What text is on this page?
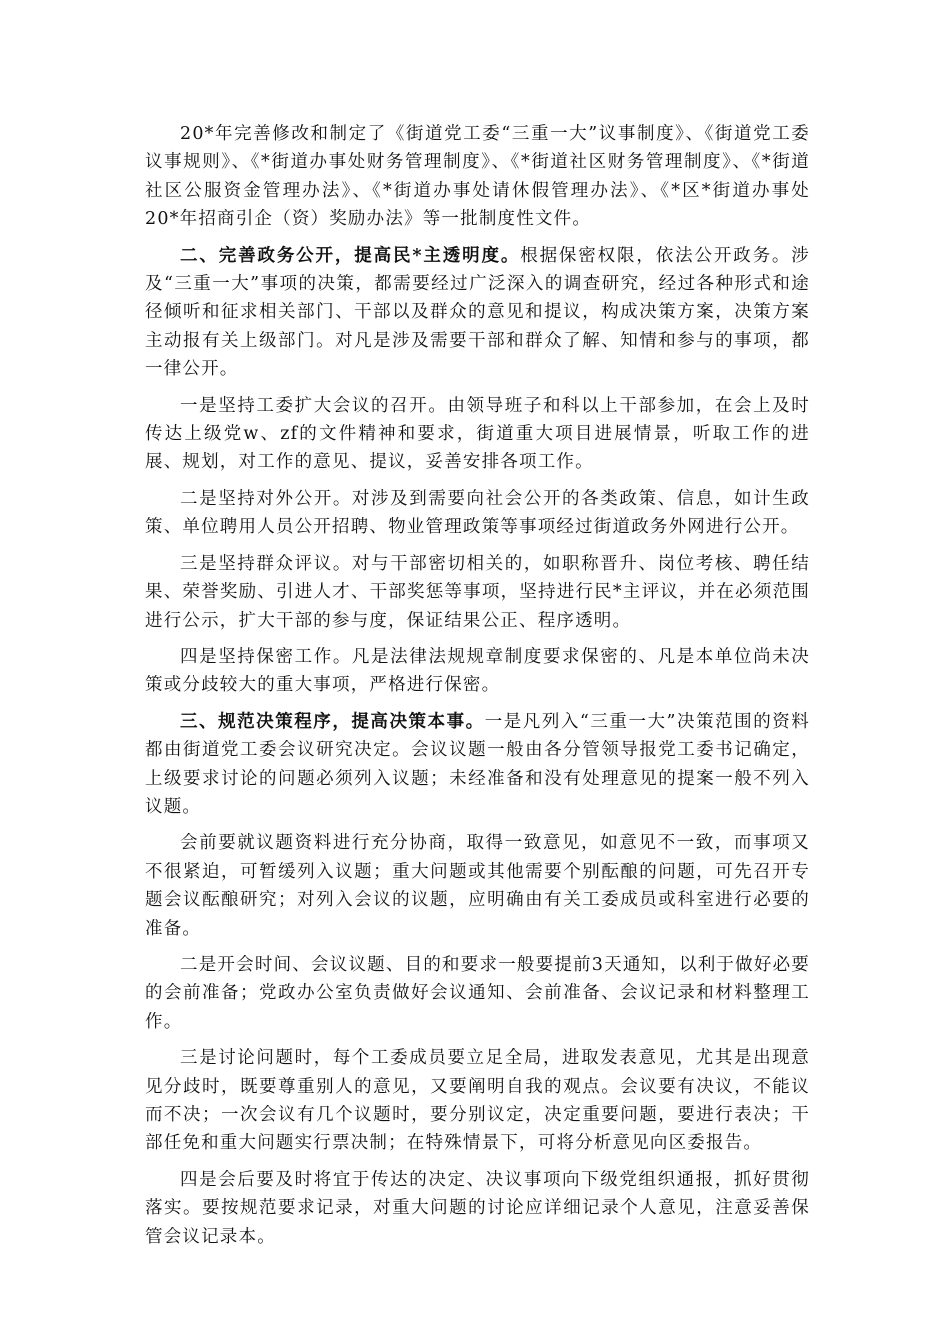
20*年完善修改和制定了《街道党工委“三重一大”议事制度》、《街道党工委议事规则》、《*街道办事处财务管理制度》、《*街道社区财务管理制度》、《*街道社区公服资金管理办法》、《*街道办事处请休假管理办法》、《*区*街道办事处20*年招商引企（资）奖励办法》等一批制度性文件。

二、完善政务公开，提高民*主透明度。根据保密权限，依法公开政务。涉及“三重一大”事项的决策，都需要经过广泛深入的调查研究，经过各种形式和途径倾听和征求相关部门、干部以及群众的意见和提议，构成决策方案，决策方案主动报有关上级部门。对凡是涉及需要干部和群众了解、知情和参与的事项，都一律公开。

一是坚持工委扩大会议的召开。由领导班子和科以上干部参加，在会上及时传达上级党w、zf的文件精神和要求，街道重大项目进展情景，听取工作的进展、规划，对工作的意见、提议，妥善安排各项工作。

二是坚持对外公开。对涉及到需要向社会公开的各类政策、信息，如计生政策、单位聘用人员公开招聘、物业管理政策等事项经过街道政务外网进行公开。

三是坚持群众评议。对与干部密切相关的，如职称晋升、岗位考核、聘任结果、荣誉奖励、引进人才、干部奖惩等事项，坚持进行民*主评议，并在必须范围进行公示，扩大干部的参与度，保证结果公正、程序透明。

四是坚持保密工作。凡是法律法规规章制度要求保密的、凡是本单位尚未决策或分歧较大的重大事项，严格进行保密。

三、规范决策程序，提高决策本事。一是凡列入“三重一大”决策范围的资料都由街道党工委会议研究决定。会议议题一般由各分管领导报党工委书记确定，上级要求讨论的问题必须列入议题；未经准备和没有处理意见的提案一般不列入议题。

会前要就议题资料进行充分协商，取得一致意见，如意见不一致，而事项又不很紧迫，可暂缓列入议题；重大问题或其他需要个别酝酿的问题，可先召开专题会议酝酿研究；对列入会议的议题，应明确由有关工委成员或科室进行必要的准备。

二是开会时间、会议议题、目的和要求一般要提前3天通知，以利于做好必要的会前准备；党政办公室负责做好会议通知、会前准备、会议记录和材料整理工作。

三是讨论问题时，每个工委成员要立足全局，进取发表意见，尤其是出现意见分歧时，既要尊重别人的意见，又要阐明自我的观点。会议要有决议，不能议而不决；一次会议有几个议题时，要分别议定，决定重要问题，要进行表决；干部任免和重大问题实行票决制；在特殊情景下，可将分析意见向区委报告。

四是会后要及时将宜于传达的决定、决议事项向下级党组织通报，抓好贯彻落实。要按规范要求记录，对重大问题的讨论应详细记录个人意见，注意妥善保管会议记录本。
